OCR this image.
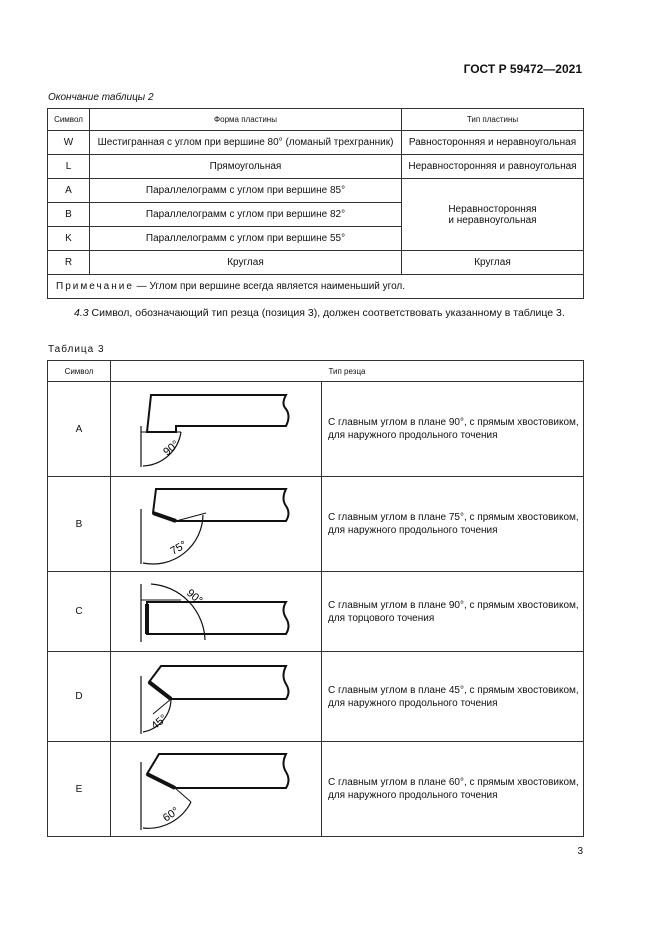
ГОСТ Р 59472—2021
Окончание таблицы 2
Символ	Форма пластины	Тип пластины
W	Шестигранная с углом при вершине 80° (ломаный трехгранник)	Равносторонняя и неравноугольная
L	Прямоугольная	Неравносторонняя и равноугольная
A	Параллелограмм с углом при вершине 85°	Неравносторонняя
и неравноугольная

B	Параллелограмм с углом при вершине 82°	
K	Параллелограмм с углом при вершине 55°	
R	Круглая	Круглая
Примечание — Углом при вершине всегда является наименьший угол.		
4.3 Символ, обозначающий тип резца (позиция 3), должен соответствовать указанному в таблице 3.
Таблица 3
Символ	Тип резца	
A	90°	С главным углом в плане 90°, с прямым хвостовиком,
для наружного продольного точения

B	75°	С главным углом в плане 75°, с прямым хвостовиком,
для наружного продольного точения

C	90°	С главным углом в плане 90°, с прямым хвостовиком,
для торцового точения

D	45°	С главным углом в плане 45°, с прямым хвостовиком,
для наружного продольного точения

E	60°	С главным углом в плане 60°, с прямым хвостовиком,
для наружного продольного точения
3
